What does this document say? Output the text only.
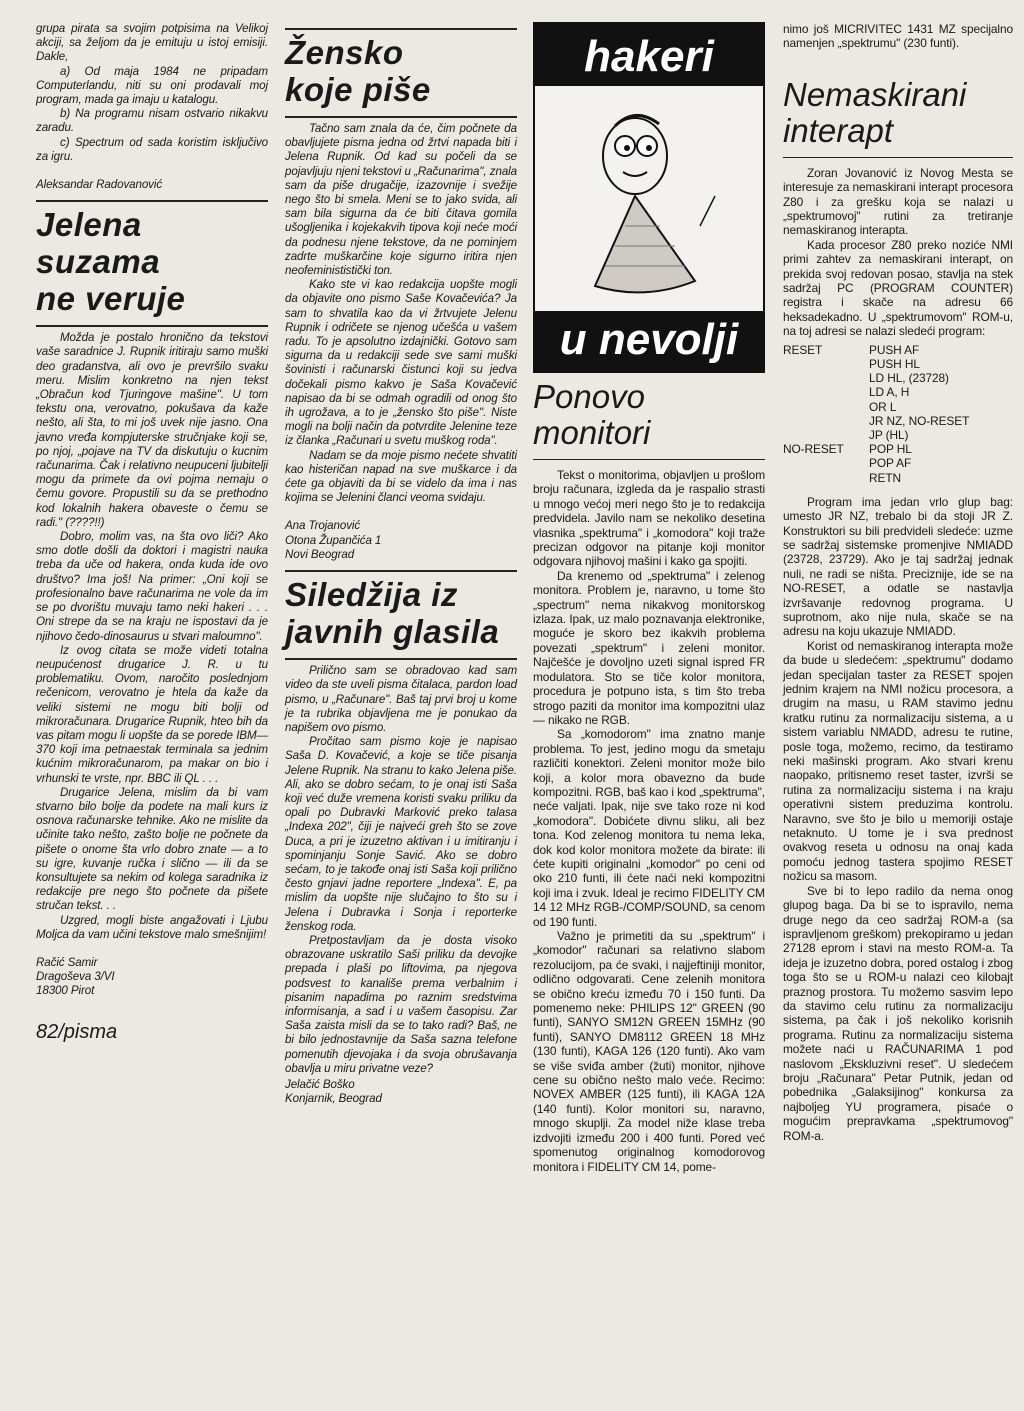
grupa pirata sa svojim potpisima na Velikoj akciji, sa željom da je emituju u istoj emisiji. Dakle,

a) Od maja 1984 ne pripadam Computerlandu, niti su oni prodavali moj program, mada ga imaju u katalogu.

b) Na programu nisam ostvario nikakvu zaradu.

c) Spectrum od sada koristim isključivo za igru.

Aleksandar Radovanović

Jelena
suzama
ne veruje

Možda je postalo hronično da tekstovi vaše saradnice J. Rupnik iritiraju samo muški deo gradanstva, ali ovo je prevršilo svaku meru. Mislim konkretno na njen tekst „Obračun kod Tjuringove mašine". U tom tekstu ona, verovatno, pokušava da kaže nešto, ali šta, to mi još uvek nije jasno. Ona javno vređa kompjuterske stručnjake koji se, po njoj, „pojave na TV da diskutuju o kucnim računarima. Čak i relativno neupuceni ljubitelji mogu da primete da ovi pojma nemaju o čemu govore. Propustili su da se prethodno kod lokalnih hakera obaveste o čemu se radi." (????!!)

Dobro, molim vas, na šta ovo liči? Ako smo dotle došli da doktori i magistri nauka treba da uče od hakera, onda kuda ide ovo društvo? Ima još! Na primer: „Oni koji se profesionalno bave računarima ne vole da im se po dvorištu muvaju tamo neki hakeri . . . Oni strepe da se na kraju ne ispostavi da je njihovo čedo-dinosaurus u stvari maloumno".

Iz ovog citata se može videti totalna neupućenost drugarice J. R. u tu problematiku. Ovom, naročito poslednjom rečenicom, verovatno je htela da kaže da veliki sistemi ne mogu biti bolji od mikroračunara. Drugarice Rupnik, hteo bih da vas pitam mogu li uopšte da se porede IBM—370 koji ima petnaestak terminala sa jednim kućnim mikroračunarom, pa makar on bio i vrhunski te vrste, npr. BBC ili QL . . .

Drugarice Jelena, mislim da bi vam stvarno bilo bolje da podete na mali kurs iz osnova računarske tehnike. Ako ne mislite da učinite tako nešto, zašto bolje ne počnete da pišete o onome šta vrlo dobro znate — a to su igre, kuvanje ručka i slično — ili da se konsultujete sa nekim od kolega saradnika iz redakcije pre nego što počnete da pišete stručan tekst. . .

Uzgred, mogli biste angažovati i Ljubu Moljca da vam učini tekstove malo smešnijim!

Račić Samir
Dragoševa 3/VI
18300 Pirot
82/pisma
Žensko
koje piše

Tačno sam znala da će, čim počnete da obavljujete pisma jedna od žrtvi napada biti i Jelena Rupnik. Od kad su počeli da se pojavljuju njeni tekstovi u „Računarima", znala sam da piše drugačije, izazovnije i svežije nego što bi smela. Meni se to jako svida, ali sam bila sigurna da će biti čitava gomila ušogljenika i kojekakvih tipova koji neće moći da podnesu njene tekstove, da ne pominjem zadrte muškarčine koje sigurno iritira njen neofeminististički ton.

Kako ste vi kao redakcija uopšte mogli da objavite ono pismo Saše Kovačevića? Ja sam to shvatila kao da vi žrtvujete Jelenu Rupnik i odričete se njenog učešća u vašem radu. To je apsolutno izdajnički. Gotovo sam sigurna da u redakciji sede sve sami muški šovinisti i računarski čistunci koji su jedva dočekali pismo kakvo je Saša Kovačević napisao da bi se odmah ogradili od onog što ih ugrožava, a to je „žensko što piše". Niste mogli na bolji način da potvrdite Jelenine teze iz članka „Računari u svetu muškog roda".

Nadam se da moje pismo nećete shvatiti kao histeričan napad na sve muškarce i da ćete ga objaviti da bi se videlo da ima i nas kojima se Jelenini članci veoma svidaju.

Ana Trojanović
Otona Župančića 1
Novi Beograd
Siledžija iz
javnih glasila

Prilično sam se obradovao kad sam video da ste uveli pisma čitalaca, pardon load pismo, u „Računare". Baš taj prvi broj u kome je ta rubrika objavljena me je ponukao da napišem ovo pismo.

Pročitao sam pismo koje je napisao Saša D. Kovačević, a koje se tiče pisanja Jelene Rupnik. Na stranu to kako Jelena piše. Ali, ako se dobro sećam, to je onaj isti Saša koji već duže vremena koristi svaku priliku da opali po Dubravki Marković preko talasa „Indexa 202", čiji je najveći greh što se zove Duca, a pri je izuzetno aktivan i u imitiranju i spominjanju Sonje Savić. Ako se dobro sećam, to je takođe onaj isti Saša koji prilično često gnjavi jadne reportere „Indexa". E, pa mislim da uopšte nije slučajno to što su i Jelena i Dubravka i Sonja i reporterke ženskog roda.

Pretpostavljam da je dosta visoko obrazovane uskratilo Saši priliku da devojke prepada i plaši po liftovima, pa njegova podsvest to kanališe prema verbalnim i pisanim napadima po raznim sredstvima informisanja, a sad i u vašem časopisu. Zar Saša zaista misli da se to tako radi? Baš, ne bi bilo jednostavnije da Saša sazna telefone pomenutih djevojaka i da svoja obrušavanja obavlja u miru privatne veze?

Jelačić Boško
Konjarnik, Beograd
hakeri
u nevolji
Ponovo
monitori

Tekst o monitorima, objavljen u prošlom broju računara, izgleda da je raspalio strasti u mnogo većoj meri nego što je to redakcija predvidela. Javilo nam se nekoliko desetina vlasnika „spektruma" i „komodora" koji traže precizan odgovor na pitanje koji monitor odgovara njihovoj mašini i kako ga spojiti.

Da krenemo od „spektruma" i zelenog monitora. Problem je, naravno, u tome što „spectrum" nema nikakvog monitorskog izlaza. Ipak, uz malo poznavanja elektronike, moguće je skoro bez ikakvih problema povezati „spektrum" i zeleni monitor. Najčešće je dovoljno uzeti signal ispred FR modulatora. Sto se tiče kolor monitora, procedura je potpuno ista, s tim što treba strogo paziti da monitor ima kompozitni ulaz — nikako ne RGB.

Sa „komodorom" ima znatno manje problema. To jest, jedino mogu da smetaju različiti konektori. Zeleni monitor može bilo koji, a kolor mora obavezno da bude kompozitni. RGB, baš kao i kod „spektruma", neće valjati. Ipak, nije sve tako roze ni kod „komodora". Dobićete divnu sliku, ali bez tona. Kod zelenog monitora tu nema leka, dok kod kolor monitora možete da birate: ili ćete kupiti originalni „komodor" po ceni od oko 210 funti, ili ćete naći neki kompozitni koji ima i zvuk. Ideal je recimo FIDELITY CM 14 12 MHz RGB-/COMP/SOUND, sa cenom od 190 funti.

Važno je primetiti da su „spektrum" i „komodor" računari sa relativno slabom rezolucijom, pa će svaki, i najjeftiniji monitor, odlično odgovarati. Cene zelenih monitora se obično kreću između 70 i 150 funti. Da pomenemo neke: PHILIPS 12" GREEN (90 funti), SANYO SM12N GREEN 15MHz (90 funti), SANYO DM8112 GREEN 18 MHz (130 funti), KAGA 126 (120 funti). Ako vam se više sviđa amber (žuti) monitor, njihove cene su obično nešto malo veće. Recimo: NOVEX AMBER (125 funti), ili KAGA 12A (140 funti). Kolor monitori su, naravno, mnogo skuplji. Za model niže klase treba izdvojiti između 200 i 400 funti. Pored već spomenutog originalnog komodorovog monitora i FIDELITY CM 14, pome-

nimo još MICRIVITEC 1431 MZ specijalno namenjen „spektrumu" (230 funti).

Nemaskirani
interapt

Zoran Jovanović iz Novog Mesta se interesuje za nemaskirani interapt procesora Z80 i za grešku koja se nalazi u „spektrumovoj" rutini za tretiranje nemaskiranog interapta.

Kada procesor Z80 preko noziće NMI primi zahtev za nemaskirani interapt, on prekida svoj redovan posao, stavlja na stek sadržaj PC (PROGRAM COUNTER) registra i skače na adresu 66 heksadekadno. U „spektrumovom" ROM-u, na toj adresi se nalazi sledeći program:

RESET	PUSH AF
PUSH HL
LD HL, (23728)
LD A, H
OR L
JR NZ, NO-RESET
JP (HL)
NO-RESET	POP HL
POP AF
RETN

Program ima jedan vrlo glup bag: umesto JR NZ, trebalo bi da stoji JR Z. Konstruktori su bili predvideli sledeće: uzme se sadržaj sistemske promenjive NMIADD (23728, 23729). Ako je taj sadržaj jednak nuli, ne radi se ništa. Preciznije, ide se na NO-RESET, a odatle se nastavlja izvršavanje redovnog programa. U suprotnom, ako nije nula, skače se na adresu na koju ukazuje NMIADD.

Korist od nemaskiranog interapta može da bude u sledećem: „spektrumu" dodamo jedan specijalan taster za RESET spojen jednim krajem na NMI nožicu procesora, a drugim na masu, u RAM stavimo jednu kratku rutinu za normalizaciju sistema, a u sistem variablu NMADD, adresu te rutine, posle toga, možemo, recimo, da testiramo neki mašinski program. Ako stvari krenu naopako, pritisnemo reset taster, izvrši se rutina za normalizaciju sistema i na kraju operativni sistem preduzima kontrolu. Naravno, sve što je bilo u memoriji ostaje netaknuto. U tome je i sva prednost ovakvog reseta u odnosu na onaj kada pomoću jednog tastera spojimo RESET nožicu sa masom.

Sve bi to lepo radilo da nema onog glupog baga. Da bi se to ispravilo, nema druge nego da ceo sadržaj ROM-a (sa ispravljenom greškom) prekopiramo u jedan 27128 eprom i stavi na mesto ROM-a. Ta ideja je izuzetno dobra, pored ostalog i zbog toga što se u ROM-u nalazi ceo kilobajt praznog prostora. Tu možemo sasvim lepo da stavimo celu rutinu za normalizaciju sistema, pa čak i još nekoliko korisnih programa. Rutinu za normalizaciju sistema možete naći u RAČUNARIMA 1 pod naslovom „Ekskluzivni reset". U sledećem broju „Računara" Petar Putnik, jedan od pobednika „Galaksijinog" konkursa za najbolјeg YU programera, pisaće o mogućim prepravkama „spektrumovog" ROM-a.
